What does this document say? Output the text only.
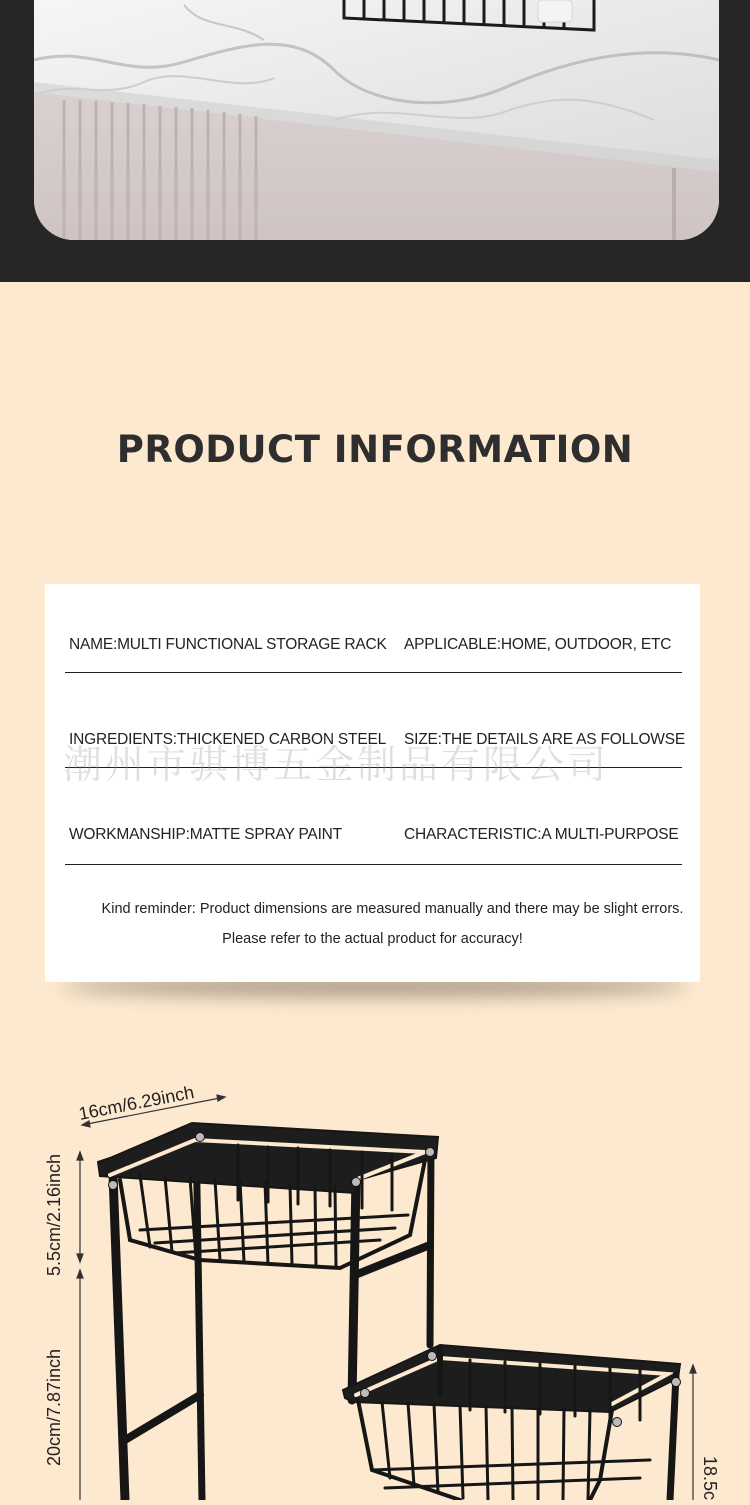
PRODUCT INFORMATION
NAME:MULTI FUNCTIONAL STORAGE RACK APPLICABLE:HOME, OUTDOOR, ETC
INGREDIENTS:THICKENED CARBON STEEL SIZE:THE DETAILS ARE AS FOLLOWSE
潮州市骐博五金制品有限公司
WORKMANSHIP:MATTE SPRAY PAINT	CHARACTERISTIC:A MULTI-PURPOSE
Kind reminder: Product dimensions are measured manually and there may be slight errors.
Please refer to the actual product for accuracy!
16cm/6.29inch
5.5cm/2.16inch
20cm/7.87inch
18.5c
